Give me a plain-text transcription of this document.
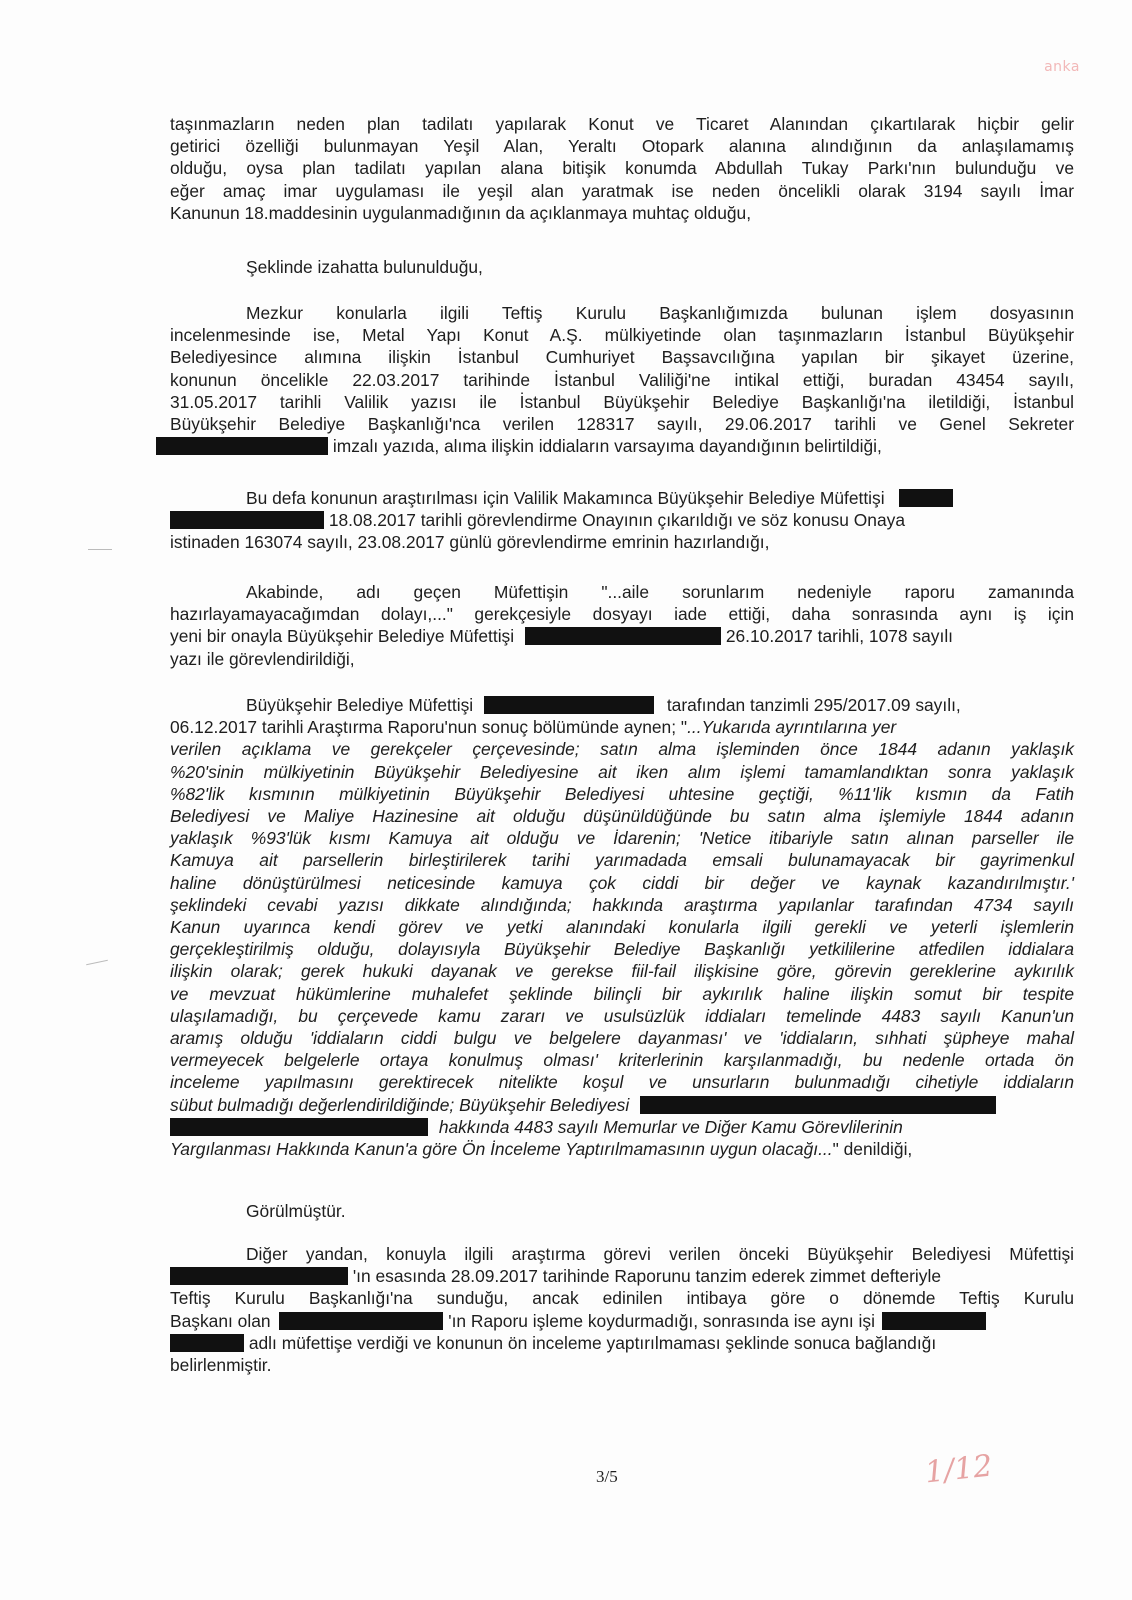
anka
taşınmazların neden plan tadilatı yapılarak Konut ve Ticaret Alanından çıkartılarak hiçbir gelir
getirici özelliği bulunmayan Yeşil Alan, Yeraltı Otopark alanına alındığının da anlaşılamamış
olduğu, oysa plan tadilatı yapılan alana bitişik konumda Abdullah Tukay Parkı'nın bulunduğu ve
eğer amaç imar uygulaması ile yeşil alan yaratmak ise neden öncelikli olarak 3194 sayılı İmar
Kanunun 18.maddesinin uygulanmadığının da açıklanmaya muhtaç olduğu,
Şeklinde izahatta bulunulduğu,
Mezkur konularla ilgili Teftiş Kurulu Başkanlığımızda bulunan işlem dosyasının
incelenmesinde ise, Metal Yapı Konut A.Ş. mülkiyetinde olan taşınmazların İstanbul Büyükşehir
Belediyesince alımına ilişkin İstanbul Cumhuriyet Başsavcılığına yapılan bir şikayet üzerine,
konunun öncelikle 22.03.2017 tarihinde İstanbul Valiliği'ne intikal ettiği, buradan 43454 sayılı,
31.05.2017 tarihli Valilik yazısı ile İstanbul Büyükşehir Belediye Başkanlığı'na iletildiği, İstanbul
Büyükşehir Belediye Başkanlığı'nca verilen 128317 sayılı, 29.06.2017 tarihli ve Genel Sekreter
imzalı yazıda, alıma ilişkin iddiaların varsayıma dayandığının belirtildiği,
Bu defa konunun araştırılması için Valilik Makamınca Büyükşehir Belediye Müfettişi
18.08.2017 tarihli görevlendirme Onayının çıkarıldığı ve söz konusu Onaya
istinaden 163074 sayılı, 23.08.2017 günlü görevlendirme emrinin hazırlandığı,
Akabinde, adı geçen Müfettişin "...aile sorunlarım nedeniyle raporu zamanında
hazırlayamayacağımdan dolayı,..." gerekçesiyle dosyayı iade ettiği, daha sonrasında aynı iş için
yeni bir onayla Büyükşehir Belediye Müfettişi	26.10.2017 tarihli, 1078 sayılı
yazı ile görevlendirildiği,
Büyükşehir Belediye Müfettişi	tarafından tanzimli 295/2017.09 sayılı,
06.12.2017 tarihli Araştırma Raporu'nun sonuç bölümünde aynen; "...Yukarıda ayrıntılarına yer
verilen açıklama ve gerekçeler çerçevesinde; satın alma işleminden önce 1844 adanın yaklaşık
%20'sinin mülkiyetinin Büyükşehir Belediyesine ait iken alım işlemi tamamlandıktan sonra yaklaşık
%82'lik kısmının mülkiyetinin Büyükşehir Belediyesi uhtesine geçtiği, %11'lik kısmın da Fatih
Belediyesi ve Maliye Hazinesine ait olduğu düşünüldüğünde bu satın alma işlemiyle 1844 adanın
yaklaşık %93'lük kısmı Kamuya ait olduğu ve İdarenin; 'Netice itibariyle satın alınan parseller ile
Kamuya ait parsellerin birleştirilerek tarihi yarımadada emsali bulunamayacak bir gayrimenkul
haline dönüştürülmesi neticesinde kamuya çok ciddi bir değer ve kaynak kazandırılmıştır.'
şeklindeki cevabi yazısı dikkate alındığında; hakkında araştırma yapılanlar tarafından 4734 sayılı
Kanun uyarınca kendi görev ve yetki alanındaki konularla ilgili gerekli ve yeterli işlemlerin
gerçekleştirilmiş olduğu, dolayısıyla Büyükşehir Belediye Başkanlığı yetkililerine atfedilen iddialara
ilişkin olarak; gerek hukuki dayanak ve gerekse fiil-fail ilişkisine göre, görevin gereklerine aykırılık
ve mevzuat hükümlerine muhalefet şeklinde bilinçli bir aykırılık haline ilişkin somut bir tespite
ulaşılamadığı, bu çerçevede kamu zararı ve usulsüzlük iddiaları temelinde 4483 sayılı Kanun'un
aramış olduğu 'iddiaların ciddi bulgu ve belgelere dayanması' ve 'iddiaların, sıhhati şüpheye mahal
vermeyecek belgelerle ortaya konulmuş olması' kriterlerinin karşılanmadığı, bu nedenle ortada ön
inceleme yapılmasını gerektirecek nitelikte koşul ve unsurların bulunmadığı cihetiyle iddiaların
sübut bulmadığı değerlendirildiğinde; Büyükşehir Belediyesi
hakkında 4483 sayılı Memurlar ve Diğer Kamu Görevlilerinin
Yargılanması Hakkında Kanun'a göre Ön İnceleme Yaptırılmamasının uygun olacağı..." denildiği,
Görülmüştür.
Diğer yandan, konuyla ilgili araştırma görevi verilen önceki Büyükşehir Belediyesi Müfettişi
'ın esasında 28.09.2017 tarihinde Raporunu tanzim ederek zimmet defteriyle
Teftiş Kurulu Başkanlığı'na sunduğu, ancak edinilen intibaya göre o dönemde Teftiş Kurulu
Başkanı olan	'ın Raporu işleme koydurmadığı, sonrasında ise aynı işi
adlı müfettişe verdiği ve konunun ön inceleme yaptırılmaması şeklinde sonuca bağlandığı
belirlenmiştir.
3/5	1/12
